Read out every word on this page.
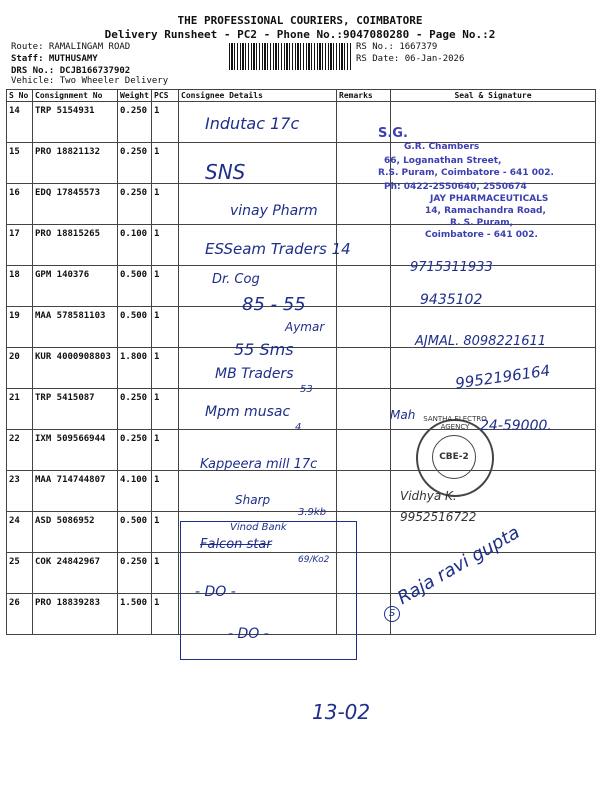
THE PROFESSIONAL COURIERS, COIMBATORE
Delivery Runsheet - PC2 - Phone No.:9047080280 - Page No.:2
Route: RAMALINGAM ROAD
Staff: MUTHUSAMY
DRS No.: DCJB166737902
Vehicle: Two Wheeler Delivery
RS No.: 1667379
RS Date: 06-Jan-2026
S No	Consignment No	Weight	PCS	Consignee Details	Remarks	Seal & Signature
14	TRP 5154931	0.250	1			
15	PRO 18821132	0.250	1			
16	EDQ 17845573	0.250	1			
17	PRO 18815265	0.100	1			
18	GPM 140376	0.500	1			
19	MAA 578581103	0.500	1			
20	KUR 4000908803	1.800	1			
21	TRP 5415087	0.250	1			
22	IXM 509566944	0.250	1			
23	MAA 714744807	4.100	1			
24	ASD 5086952	0.500	1			
25	COK 24842967	0.250	1			
26	PRO 18839283	1.500	1			
S.G.
G.R. Chambers
66, Loganathan Street,
R.S. Puram, Coimbatore - 641 002.
Ph: 0422-2550640, 2550674
JAY PHARMACEUTICALS
14, Ramachandra Road,
R. S. Puram,
Coimbatore - 641 002.
SANTHA ELECTRO AGENCY
CBE-2
Indutac 17c
SNS
vinay Pharm
ESSeam Traders 14
Dr. Cog
85 - 55
Aymar
55 Sms
MB Traders
53
Mpm musac
4
Kappeera mill 17c
Sharp
3.9kb
Vinod Bank
Falcon star
69/Ko2
- DO -
- DO -
13-02
9715311933
9435102
AJMAL. 8098221611
9952196164
Mah
24-59000.
Vidhya K.
9952516722
Raja ravi gupta
S
